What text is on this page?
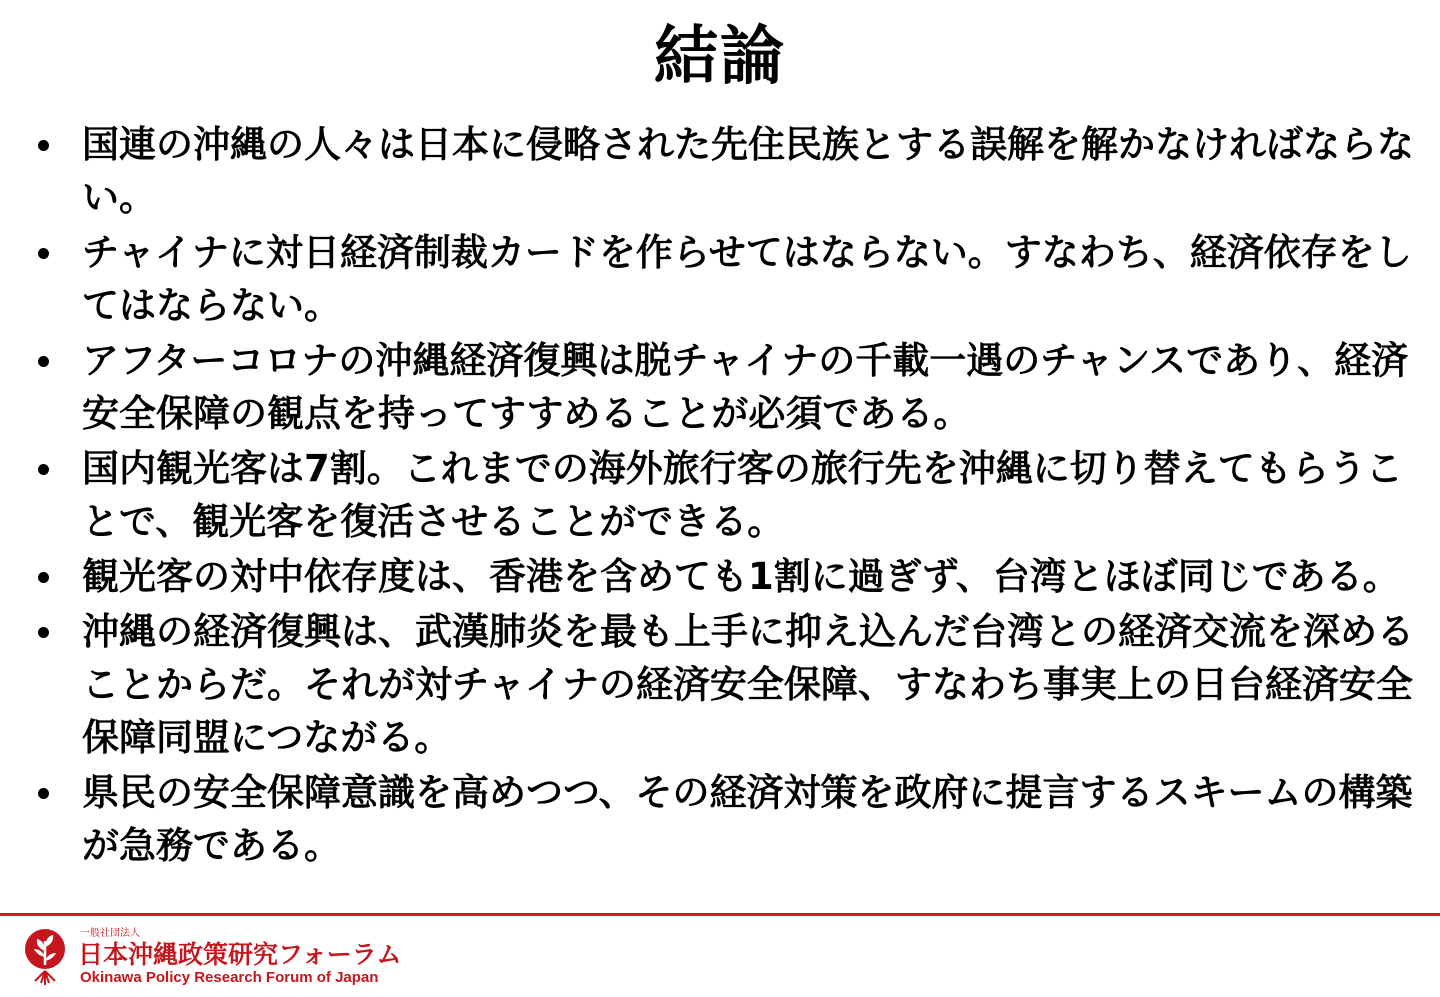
結論
国連の沖縄の人々は日本に侵略された先住民族とする誤解を解かなければならない。
チャイナに対日経済制裁カードを作らせてはならない。すなわち、経済依存をしてはならない。
アフターコロナの沖縄経済復興は脱チャイナの千載一遇のチャンスであり、経済安全保障の観点を持ってすすめることが必須である。
国内観光客は7割。これまでの海外旅行客の旅行先を沖縄に切り替えてもらうことで、観光客を復活させることができる。
観光客の対中依存度は、香港を含めても1割に過ぎず、台湾とほぼ同じである。
沖縄の経済復興は、武漢肺炎を最も上手に抑え込んだ台湾との経済交流を深めることからだ。それが対チャイナの経済安全保障、すなわち事実上の日台経済安全保障同盟につながる。
県民の安全保障意識を高めつつ、その経済対策を政府に提言するスキームの構築が急務である。
一般社団法人
日本沖縄政策研究フォーラム
Okinawa Policy Research Forum of Japan
